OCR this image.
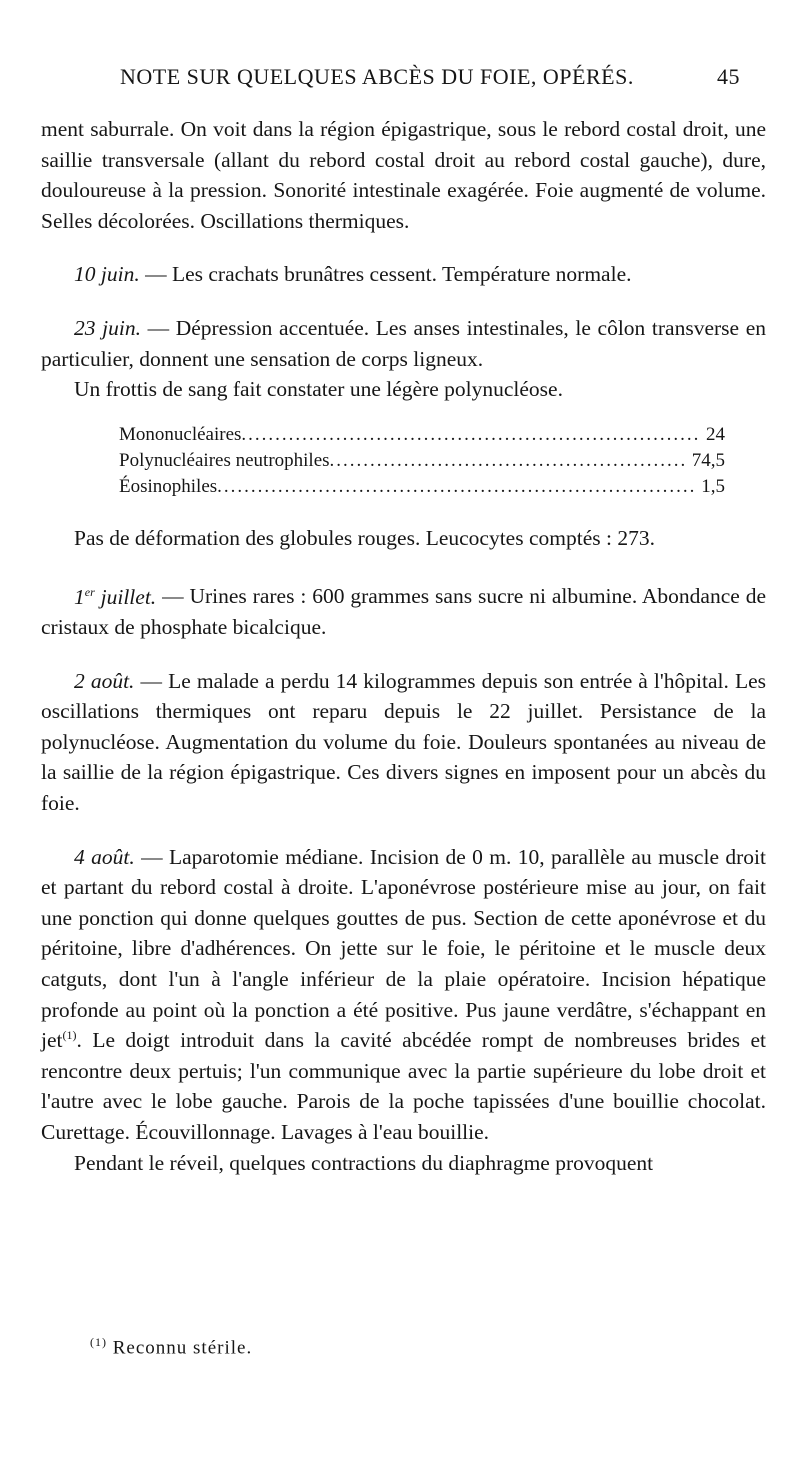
NOTE SUR QUELQUES ABCÈS DU FOIE, OPÉRÉS.	45

ment saburrale. On voit dans la région épigastrique, sous le rebord costal droit, une saillie transversale (allant du rebord costal droit au rebord costal gauche), dure, douloureuse à la pression. Sonorité intestinale exagérée. Foie augmenté de volume. Selles décolorées. Oscillations thermiques.

10 juin. — Les crachats brunâtres cessent. Température normale.

23 juin. — Dépression accentuée. Les anses intestinales, le côlon transverse en particulier, donnent une sensation de corps ligneux.

Un frottis de sang fait constater une légère polynucléose.

Mononucléaires .....	24
Polynucléaires neutrophiles .....	74,5
Éosinophiles .....	1,5

Pas de déformation des globules rouges. Leucocytes comptés : 273.

1er juillet. — Urines rares : 600 grammes sans sucre ni albumine. Abondance de cristaux de phosphate bicalcique.

2 août. — Le malade a perdu 14 kilogrammes depuis son entrée à l'hôpital. Les oscillations thermiques ont reparu depuis le 22 juillet. Persistance de la polynucléose. Augmentation du volume du foie. Douleurs spontanées au niveau de la saillie de la région épigastrique. Ces divers signes en imposent pour un abcès du foie.

4 août. — Laparotomie médiane. Incision de 0 m. 10, parallèle au muscle droit et partant du rebord costal à droite. L'aponévrose postérieure mise au jour, on fait une ponction qui donne quelques gouttes de pus. Section de cette aponévrose et du péritoine, libre d'adhérences. On jette sur le foie, le péritoine et le muscle deux catguts, dont l'un à l'angle inférieur de la plaie opératoire. Incision hépatique profonde au point où la ponction a été positive. Pus jaune verdâtre, s'échappant en jet$^{(1)}$. Le doigt introduit dans la cavité abcédée rompt de nombreuses brides et rencontre deux pertuis; l'un communique avec la partie supérieure du lobe droit et l'autre avec le lobe gauche. Parois de la poche tapissées d'une bouillie chocolat. Curettage. Écouvillonnage. Lavages à l'eau bouillie.

Pendant le réveil, quelques contractions du diaphragme provoquent

$^{(1)}$ Reconnu stérile.
